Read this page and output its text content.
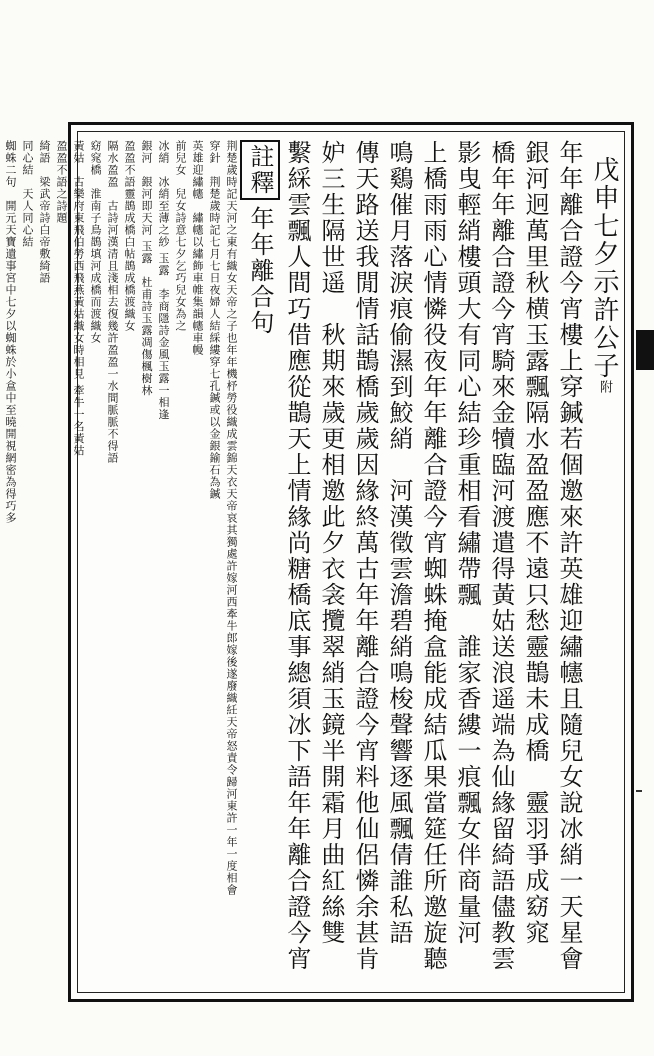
戊申七夕示許公子附
年年離合證今宵樓上穿鍼若個邀來許英雄迎繡幰且隨兒女說冰綃一天星會
銀河迥萬里秋横玉露飄隔水盈盈應不遠只愁靈鵲未成橋　靈羽爭成窈窕
橋年年離合證今宵騎來金犢臨河渡遣得黃姑送浪遥端為仙緣留綺語儘教雲
影曳輕綃樓頭大有同心結珍重相看繡帶飄　誰家香縷一痕飄女伴商量河
上橋雨雨心情憐役夜年年離合證今宵蜘蛛掩盒能成結瓜果當筵任所邀旋聽
鳴鷄催月落淚痕偷濕到鮫綃　河漢徵雲澹碧綃鳴梭聲響逐風飄倩誰私語
傳天路送我閒情話鵲橋歲歲因緣終萬古年年離合證今宵料他仙侶憐余甚肯
妒三生隔世遥　秋期來歲更相邀此夕衣衾攬翠綃玉鏡半開霜月曲紅絲雙
繫綵雲飄人間巧借應從鵲天上情緣尚糖橋底事總須冰下語年年離合證今宵
註釋年年離合句
荆楚歲時記天河之東有織女天帝之子也年年機杼勞役織成雲錦天衣天帝哀其獨處許嫁河西牽牛郎嫁後遂廢織紝天帝怒責令歸河東許一年一度相會
穿針　荆楚歲時記七月七日夜婦人結綵縷穿七孔鍼或以金銀鍮石為鍼
英雄迎繡幰　繡幰以繡飾車帷集韻幰車幔
前兒女　兒女詩意七夕乞巧兒女為之
冰綃　冰綃至薄之紗 玉露　李商隱詩金風玉露一相逢
銀河　銀河即天河 玉露　杜甫詩玉露凋傷楓樹林
盈盈不語靈鵲成橋白帖鵲成橋渡織女
隔水盈盈　古詩河漢清且淺相去復幾許盈盈一水間脈脈不得語
窈窕橋　淮南子鳥鵲填河成橋而渡織女
黃姑　古樂府東飛伯勞西飛燕黃姑織女時相見 牽牛一名黃姑
盈盈不語之詩題
綺語　梁武帝詩白帝敷綺語
同心結　天人同心結
蜘蛛二句　開元天寶遺事宮中七夕以蜘蛛於小盒中至曉開視網密為得巧多
